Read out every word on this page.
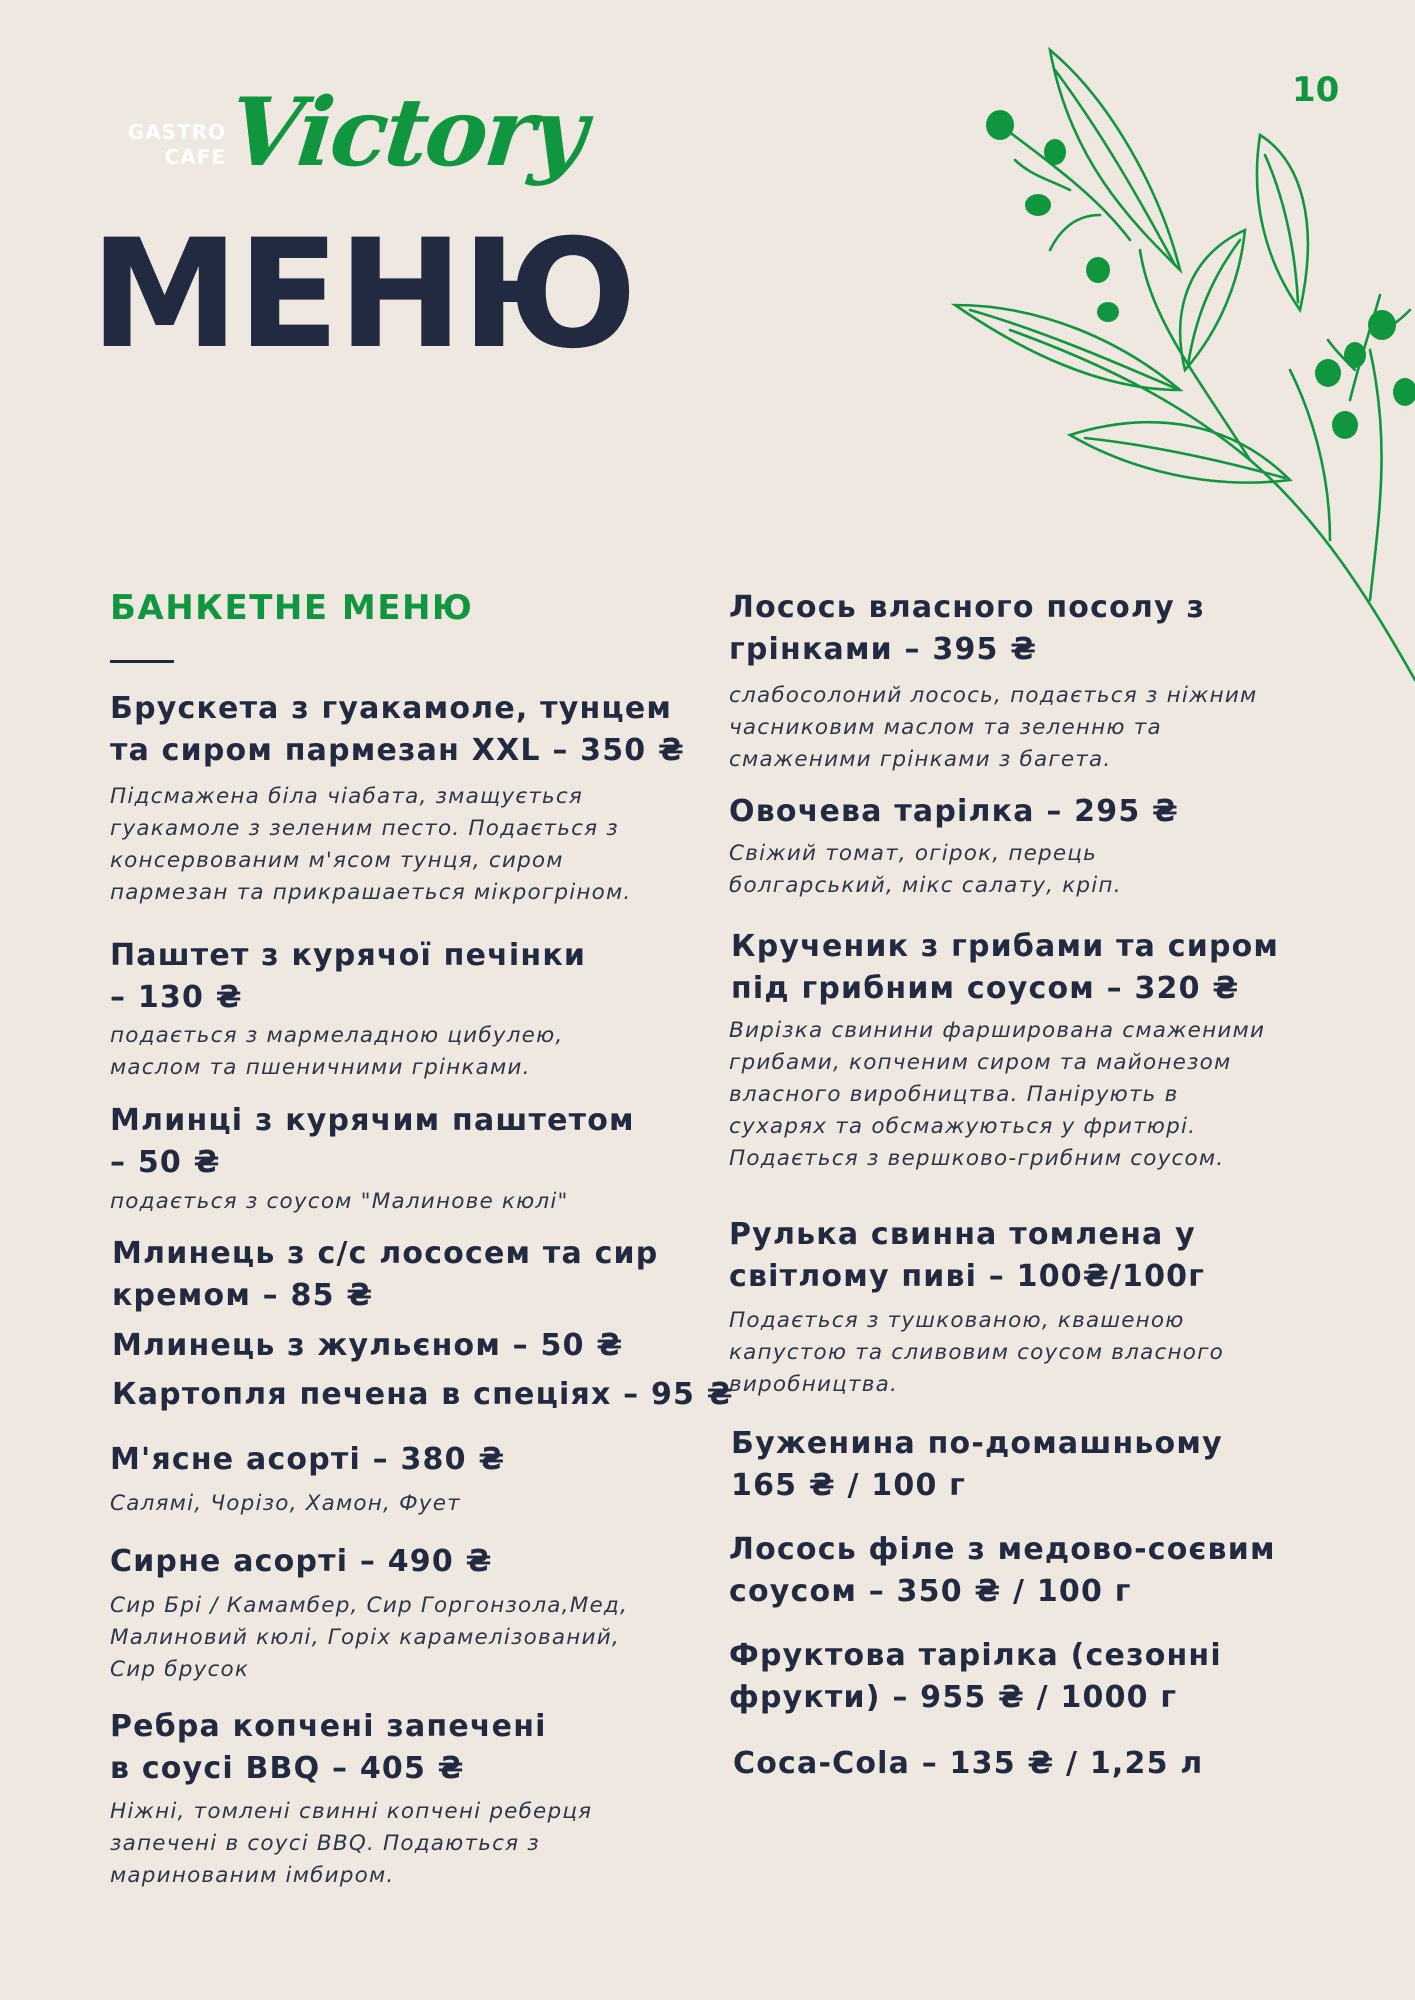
10
GASTRO
CAFE
Victory
МЕНЮ
БАНКЕТНЕ МЕНЮ
Брускета з гуакамоле, тунцем
та сиром пармезан XXL – 350 ₴
Підсмажена біла чіабата, змащується
гуакамоле з зеленим песто. Подається з
консервованим м'ясом тунця, сиром
пармезан та прикрашаеться мікрогріном.
Паштет з курячої печінки
– 130 ₴
подається з мармеладною цибулею,
маслом та пшеничними грінками.
Млинці з курячим паштетом
– 50 ₴
подається з соусом "Малинове кюлі"
Млинець з с/с лососем та сир
кремом – 85 ₴
Млинець з жульєном – 50 ₴
Картопля печена в спеціях – 95 ₴
М'ясне асорті – 380 ₴
Салямі, Чорізо, Хамон, Фует
Сирне асорті – 490 ₴
Сир Брі / Камамбер, Сир Горгонзола,Мед,
Малиновий кюлі, Горіх карамелізований,
Сир брусок
Ребра копчені запечені
в соусі BBQ – 405 ₴
Ніжні, томлені свинні копчені реберця
запечені в соусі BBQ. Подаються з
маринованим імбиром.
Лосось власного посолу з
грінками – 395 ₴
слабосолоний лосось, подається з ніжним
часниковим маслом та зеленню та
смаженими грінками з багета.
Овочева тарілка – 295 ₴
Свіжий томат, огірок, перець
болгарський, мікс салату, кріп.
Крученик з грибами та сиром
під грибним соусом – 320 ₴
Вирізка свинини фарширована смаженими
грибами, копченим сиром та майонезом
власного виробництва. Панірують в
сухарях та обсмажуються у фритюрі.
Подається з вершково-грибним соусом.
Рулька свинна томлена у
світлому пиві – 100₴/100г
Подається з тушкованою, квашеною
капустою та сливовим соусом власного
виробництва.
Буженина по-домашньому
165 ₴ / 100 г
Лосось філе з медово-соєвим
соусом – 350 ₴ / 100 г
Фруктова тарілка (сезонні
фрукти) – 955 ₴ / 1000 г
Coca-Cola – 135 ₴ / 1,25 л
